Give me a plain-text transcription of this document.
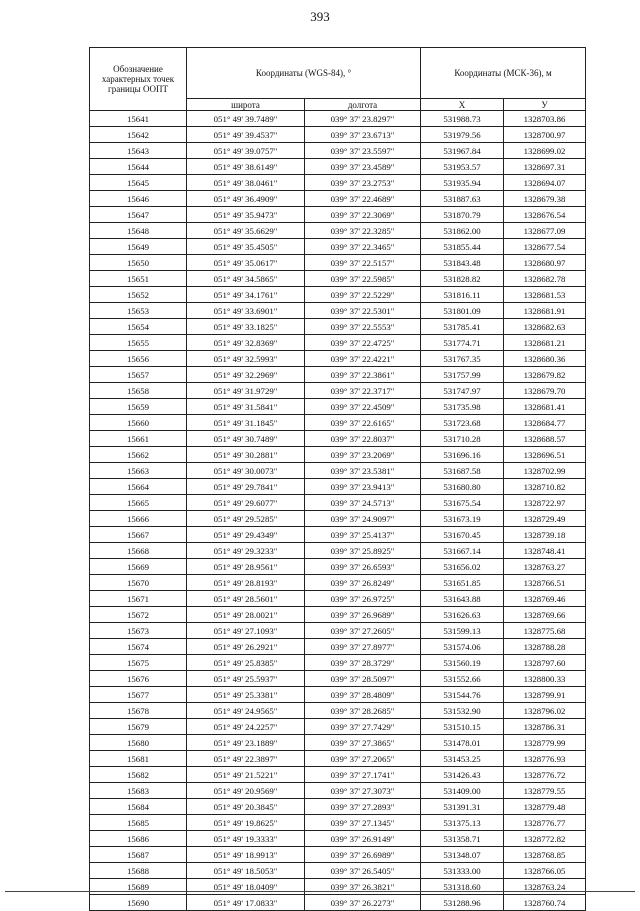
393
Обозначение характерных точек границы ООПТ	Координаты (WGS-84), °		Координаты (МСК-36), м	
	широта	долгота	X	У
15641	051° 49' 39.7489"	039° 37' 23.8297"	531988.73	1328703.86
15642	051° 49' 39.4537"	039° 37' 23.6713"	531979.56	1328700.97
15643	051° 49' 39.0757"	039° 37' 23.5597"	531967.84	1328699.02
15644	051° 49' 38.6149"	039° 37' 23.4589"	531953.57	1328697.31
15645	051° 49' 38.0461"	039° 37' 23.2753"	531935.94	1328694.07
15646	051° 49' 36.4909"	039° 37' 22.4689"	531887.63	1328679.38
15647	051° 49' 35.9473"	039° 37' 22.3069"	531870.79	1328676.54
15648	051° 49' 35.6629"	039° 37' 22.3285"	531862.00	1328677.09
15649	051° 49' 35.4505"	039° 37' 22.3465"	531855.44	1328677.54
15650	051° 49' 35.0617"	039° 37' 22.5157"	531843.48	1328680.97
15651	051° 49' 34.5865"	039° 37' 22.5985"	531828.82	1328682.78
15652	051° 49' 34.1761"	039° 37' 22.5229"	531816.11	1328681.53
15653	051° 49' 33.6901"	039° 37' 22.5301"	531801.09	1328681.91
15654	051° 49' 33.1825"	039° 37' 22.5553"	531785.41	1328682.63
15655	051° 49' 32.8369"	039° 37' 22.4725"	531774.71	1328681.21
15656	051° 49' 32.5993"	039° 37' 22.4221"	531767.35	1328680.36
15657	051° 49' 32.2969"	039° 37' 22.3861"	531757.99	1328679.82
15658	051° 49' 31.9729"	039° 37' 22.3717"	531747.97	1328679.70
15659	051° 49' 31.5841"	039° 37' 22.4509"	531735.98	1328681.41
15660	051° 49' 31.1845"	039° 37' 22.6165"	531723.68	1328684.77
15661	051° 49' 30.7489"	039° 37' 22.8037"	531710.28	1328688.57
15662	051° 49' 30.2881"	039° 37' 23.2069"	531696.16	1328696.51
15663	051° 49' 30.0073"	039° 37' 23.5381"	531687.58	1328702.99
15664	051° 49' 29.7841"	039° 37' 23.9413"	531680.80	1328710.82
15665	051° 49' 29.6077"	039° 37' 24.5713"	531675.54	1328722.97
15666	051° 49' 29.5285"	039° 37' 24.9097"	531673.19	1328729.49
15667	051° 49' 29.4349"	039° 37' 25.4137"	531670.45	1328739.18
15668	051° 49' 29.3233"	039° 37' 25.8925"	531667.14	1328748.41
15669	051° 49' 28.9561"	039° 37' 26.6593"	531656.02	1328763.27
15670	051° 49' 28.8193"	039° 37' 26.8249"	531651.85	1328766.51
15671	051° 49' 28.5601"	039° 37' 26.9725"	531643.88	1328769.46
15672	051° 49' 28.0021"	039° 37' 26.9689"	531626.63	1328769.66
15673	051° 49' 27.1093"	039° 37' 27.2605"	531599.13	1328775.68
15674	051° 49' 26.2921"	039° 37' 27.8977"	531574.06	1328788.28
15675	051° 49' 25.8385"	039° 37' 28.3729"	531560.19	1328797.60
15676	051° 49' 25.5937"	039° 37' 28.5097"	531552.66	1328800.33
15677	051° 49' 25.3381"	039° 37' 28.4809"	531544.76	1328799.91
15678	051° 49' 24.9565"	039° 37' 28.2685"	531532.90	1328796.02
15679	051° 49' 24.2257"	039° 37' 27.7429"	531510.15	1328786.31
15680	051° 49' 23.1889"	039° 37' 27.3865"	531478.01	1328779.99
15681	051° 49' 22.3897"	039° 37' 27.2065"	531453.25	1328776.93
15682	051° 49' 21.5221"	039° 37' 27.1741"	531426.43	1328776.72
15683	051° 49' 20.9569"	039° 37' 27.3073"	531409.00	1328779.55
15684	051° 49' 20.3845"	039° 37' 27.2893"	531391.31	1328779.48
15685	051° 49' 19.8625"	039° 37' 27.1345"	531375.13	1328776.77
15686	051° 49' 19.3333"	039° 37' 26.9149"	531358.71	1328772.82
15687	051° 49' 18.9913"	039° 37' 26.6989"	531348.07	1328768.85
15688	051° 49' 18.5053"	039° 37' 26.5405"	531333.00	1328766.05
15689	051° 49' 18.0409"	039° 37' 26.3821"	531318.60	1328763.24
15690	051° 49' 17.0833"	039° 37' 26.2273"	531288.96	1328760.74
